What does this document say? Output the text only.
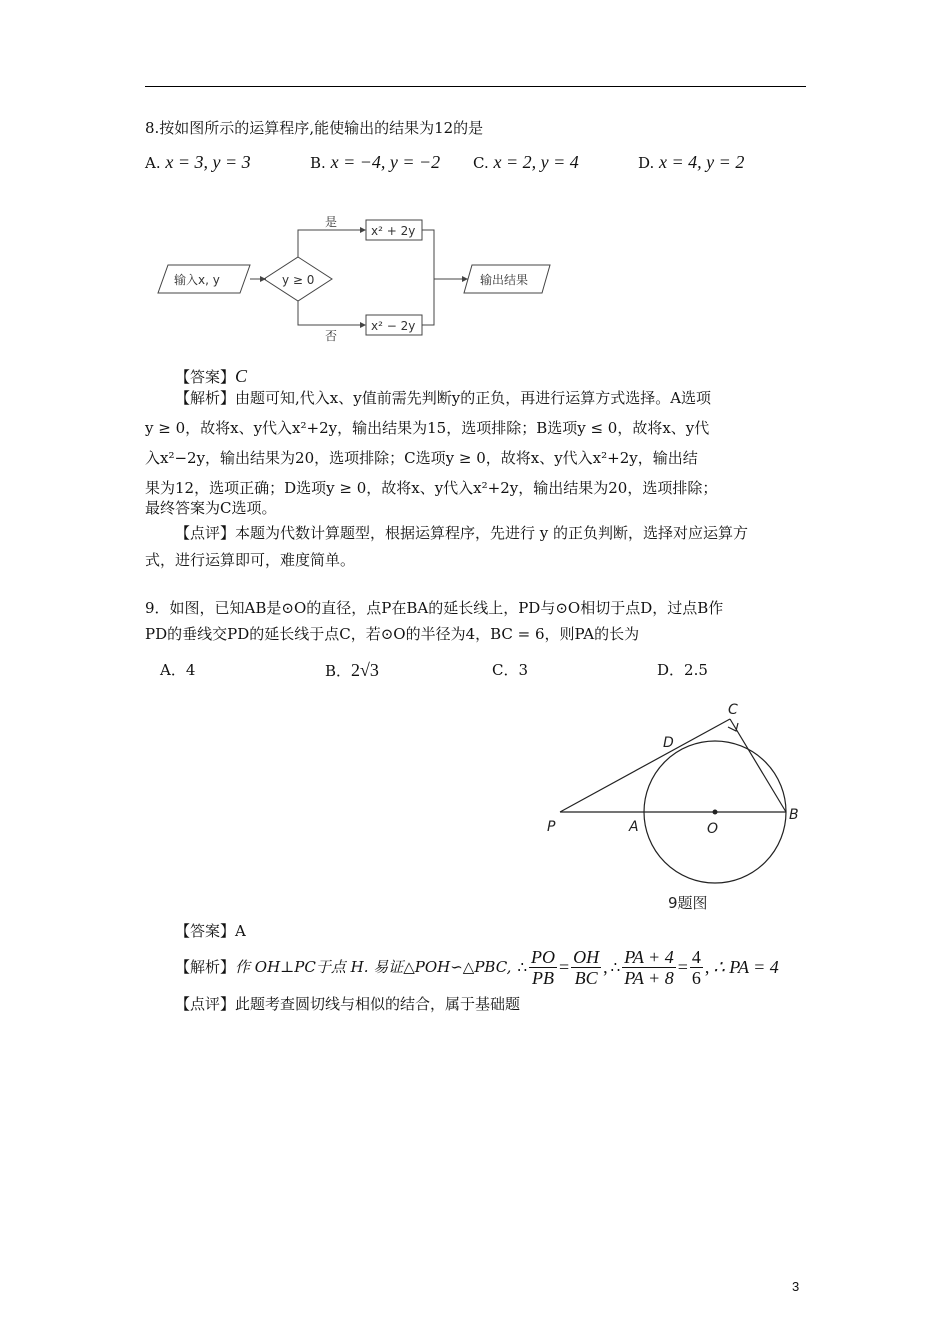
8.按如图所示的运算程序,能使输出的结果为12的是
A. x = 3, y = 3	B. x = −4, y = −2 C. x = 2, y = 4	D. x = 4, y = 2
输入x, y	y ≥ 0
是
否
x² + 2y
x² − 2y
输出结果
【答案】C
【解析】由题可知,代入x、y值前需先判断y的正负，再进行运算方式选择。A选项
y ≥ 0，故将x、y代入x²+2y，输出结果为15，选项排除；B选项y ≤ 0，故将x、y代
入x²−2y，输出结果为20，选项排除；C选项y ≥ 0，故将x、y代入x²+2y，输出结
果为12，选项正确；D选项y ≥ 0，故将x、y代入x²+2y，输出结果为20，选项排除；
最终答案为C选项。
【点评】本题为代数计算题型，根据运算程序，先进行 y 的正负判断，选择对应运算方
式，进行运算即可，难度简单。
9．如图，已知AB是⊙O的直径，点P在BA的延长线上，PD与⊙O相切于点D，过点B作
PD的垂线交PD的延长线于点C，若⊙O的半径为4，BC = 6，则PA的长为
A．4	B．2√3	C．3	D．2.5
C
D
P	A	O
B
9题图
【答案】A
【解析】 作 OH⊥PC于点 H. 易证△POH∽△PBC, ∴ $\frac{PO}{PB} = \frac{OH}{BC}$ , ∴ $\frac{PA + 4}{PA + 8} = \frac{4}{6}$ , ∴ PA = 4
【点评】此题考查圆切线与相似的结合，属于基础题
3
